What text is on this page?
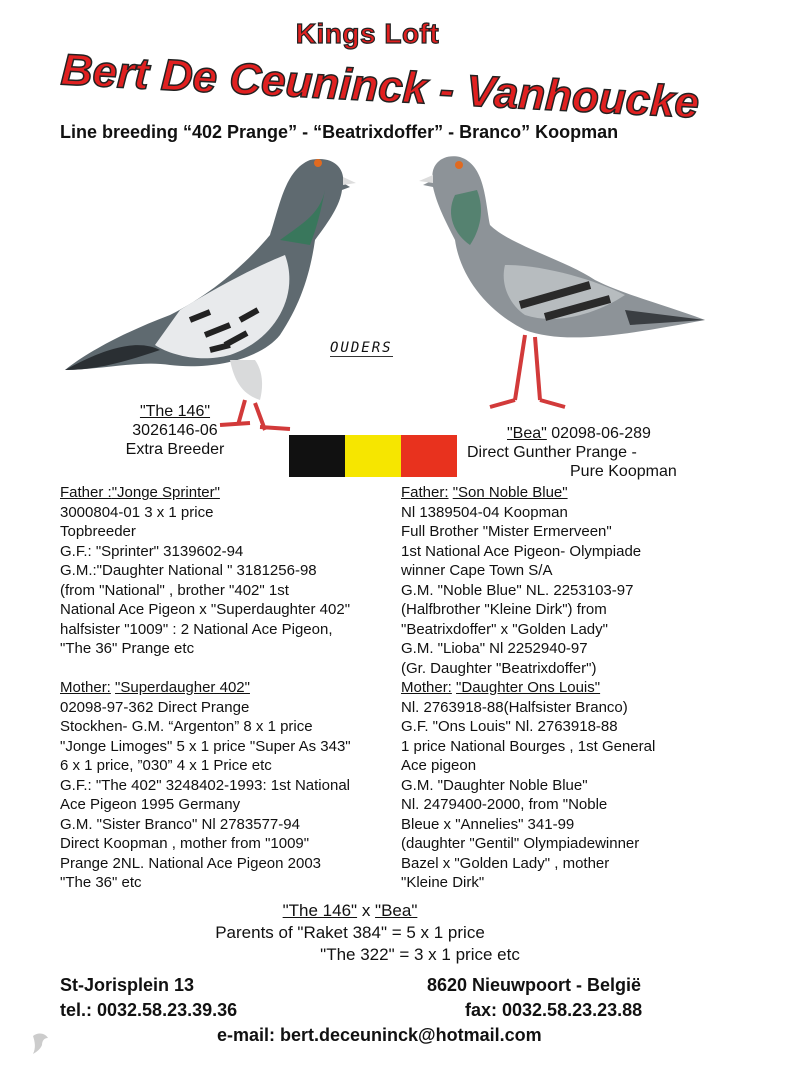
Kings Loft
Bert De Ceuninck - Vanhoucke
Line breeding “402 Prange” - “Beatrixdoffer” - Branco” Koopman
OUDERS
"The 146"
3026146-06
Extra Breeder
"Bea" 02098-06-289
Direct Gunther Prange -
Pure Koopman
Father :"Jonge Sprinter"
3000804-01 3 x 1 price
Topbreeder
G.F.: "Sprinter" 3139602-94
G.M.:"Daughter National " 3181256-98
(from "National" , brother "402" 1st
National Ace Pigeon x "Superdaughter 402"
halfsister "1009" : 2 National Ace Pigeon,
"The 36" Prange etc
Mother: "Superdaugher 402"
02098-97-362 Direct Prange
Stockhen- G.M. “Argenton” 8 x 1 price
"Jonge Limoges" 5 x 1 price "Super As 343"
6 x 1 price, ”030” 4 x 1 Price etc
G.F.: "The 402" 3248402-1993: 1st National
Ace Pigeon 1995 Germany
G.M. "Sister Branco" Nl 2783577-94
Direct Koopman , mother from "1009"
Prange 2NL. National Ace Pigeon 2003
"The 36" etc
Father: "Son Noble Blue"
Nl 1389504-04 Koopman
Full Brother "Mister Ermerveen"
1st National Ace Pigeon- Olympiade
winner Cape Town S/A
G.M. "Noble Blue" NL. 2253103-97
(Halfbrother "Kleine Dirk") from
"Beatrixdoffer" x "Golden Lady"
G.M. "Lioba" Nl 2252940-97
(Gr. Daughter "Beatrixdoffer")
Mother: "Daughter Ons Louis"
Nl. 2763918-88(Halfsister Branco)
G.F. "Ons Louis" Nl. 2763918-88
1 price National Bourges , 1st General
Ace pigeon
G.M. "Daughter Noble Blue"
Nl. 2479400-2000, from "Noble
Bleue x "Annelies" 341-99
(daughter "Gentil" Olympiadewinner
Bazel x "Golden Lady" , mother
"Kleine Dirk"
"The 146" x "Bea"
Parents of "Raket 384" = 5 x 1 price
"The 322" = 3 x 1 price etc
St-Jorisplein 13	8620 Nieuwpoort - België
tel.: 0032.58.23.39.36	fax: 0032.58.23.23.88
e-mail: bert.deceuninck@hotmail.com
